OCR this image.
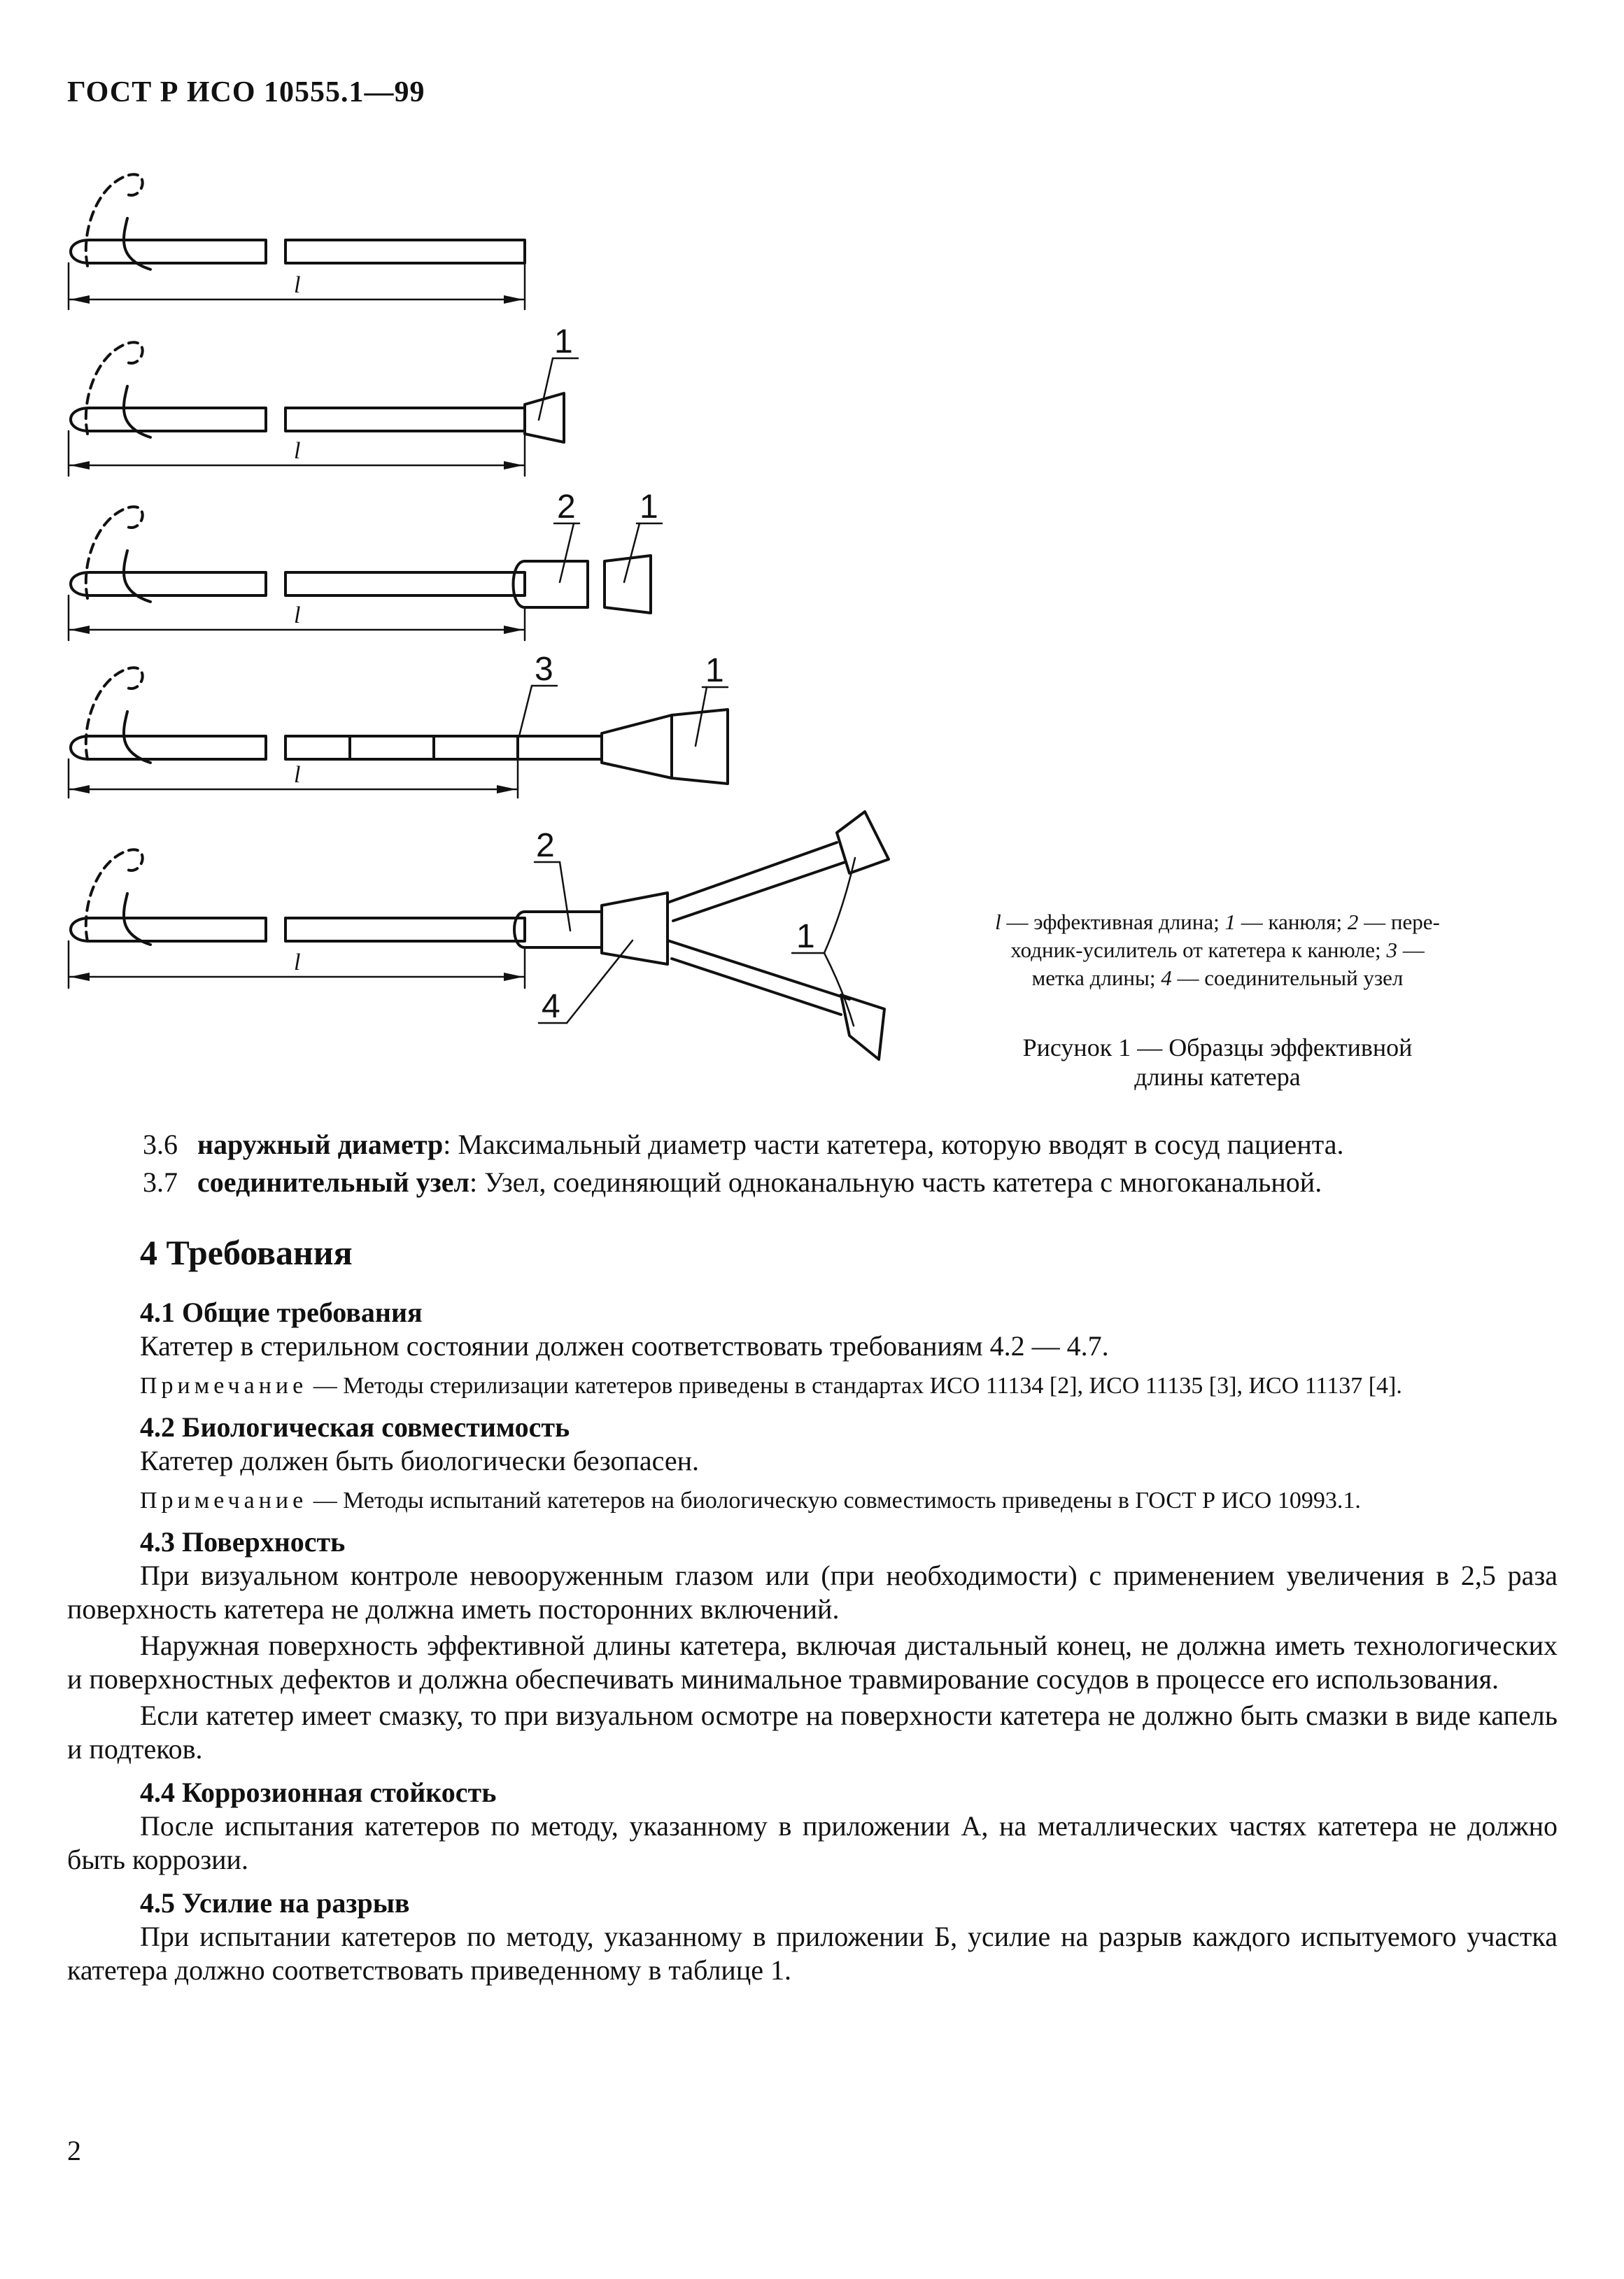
ГОСТ Р ИСО 10555.1—99
l
l
1
l
2 1
l
3	1
l
2
1
4
l — эффективная длина; 1 — канюля; 2 — пере-
ходник-усилитель от катетера к канюле; 3 —
метка длины; 4 — соединительный узел
Рисунок 1 — Образцы эффективной
длины катетера

3.6 наружный диаметр: Максимальный диаметр части катетера, которую вводят в сосуд пациента.

3.7 соединительный узел: Узел, соединяющий одноканальную часть катетера с многоканальной.

4 Требования
4.1 Общие требования

Катетер в стерильном состоянии должен соответствовать требованиям 4.2 — 4.7.

Примечание — Методы стерилизации катетеров приведены в стандартах ИСО 11134 [2], ИСО 11135 [3], ИСО 11137 [4].

4.2 Биологическая совместимость

Катетер должен быть биологически безопасен.

Примечание — Методы испытаний катетеров на биологическую совместимость приведены в ГОСТ Р ИСО 10993.1.

4.3 Поверхность

При визуальном контроле невооруженным глазом или (при необходимости) с применением увеличения в 2,5 раза поверхность катетера не должна иметь посторонних включений.

Наружная поверхность эффективной длины катетера, включая дистальный конец, не должна иметь технологических и поверхностных дефектов и должна обеспечивать минимальное травмирование сосудов в процессе его использования.

Если катетер имеет смазку, то при визуальном осмотре на поверхности катетера не должно быть смазки в виде капель и подтеков.

4.4 Коррозионная стойкость

После испытания катетеров по методу, указанному в приложении А, на металлических частях катетера не должно быть коррозии.

4.5 Усилие на разрыв

При испытании катетеров по методу, указанному в приложении Б, усилие на разрыв каждого испытуемого участка катетера должно соответствовать приведенному в таблице 1.

2
